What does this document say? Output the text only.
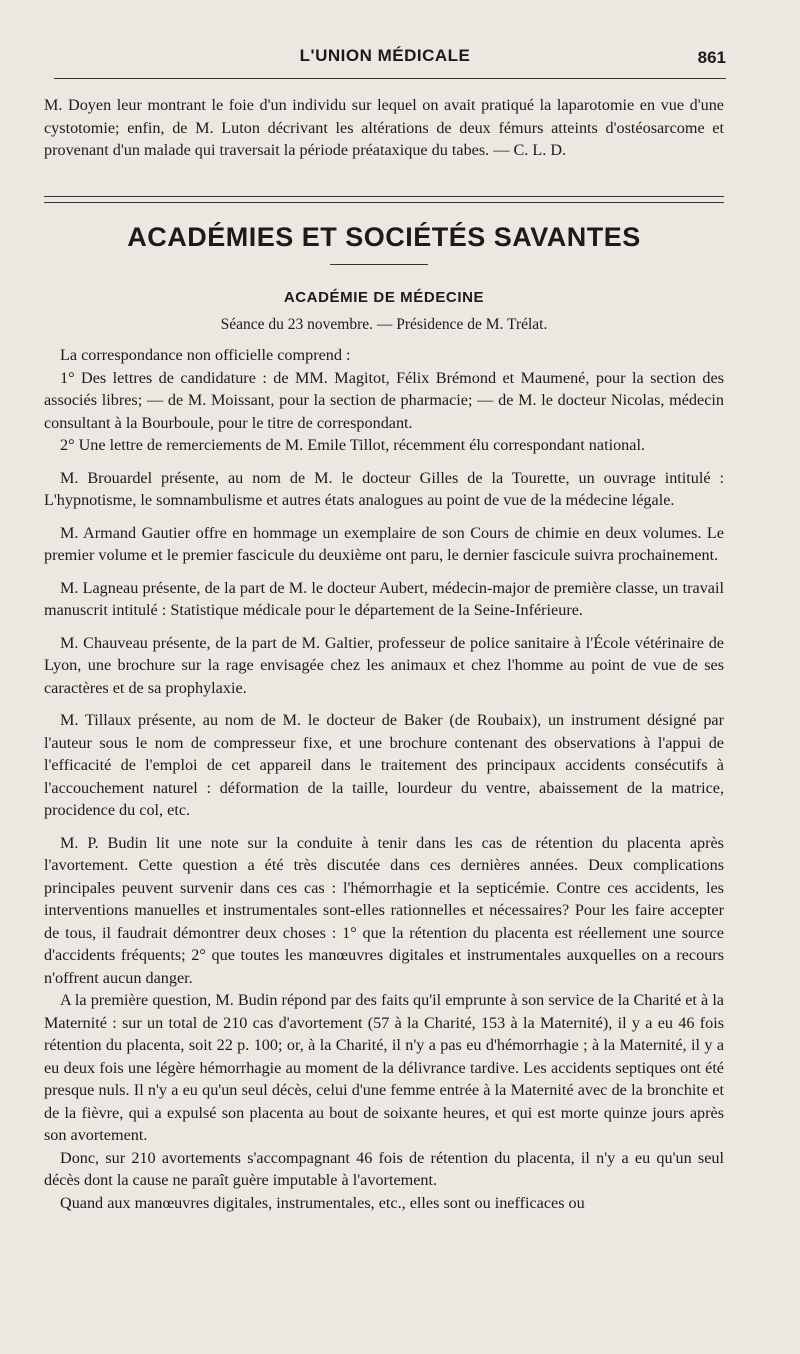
L'UNION MÉDICALE	861

M. Doyen leur montrant le foie d'un individu sur lequel on avait pratiqué la laparotomie en vue d'une cystotomie; enfin, de M. Luton décrivant les altérations de deux fémurs atteints d'ostéosarcome et provenant d'un malade qui traversait la période préataxique du tabes. — C. L. D.

ACADÉMIES ET SOCIÉTÉS SAVANTES
ACADÉMIE DE MÉDECINE
Séance du 23 novembre. — Présidence de M. Trélat.

La correspondance non officielle comprend :

1° Des lettres de candidature : de MM. Magitot, Félix Brémond et Maumené, pour la section des associés libres; — de M. Moissant, pour la section de pharmacie; — de M. le docteur Nicolas, médecin consultant à la Bourboule, pour le titre de correspondant.

2° Une lettre de remerciements de M. Emile Tillot, récemment élu correspondant national.

M. Brouardel présente, au nom de M. le docteur Gilles de la Tourette, un ouvrage intitulé : L'hypnotisme, le somnambulisme et autres états analogues au point de vue de la médecine légale.

M. Armand Gautier offre en hommage un exemplaire de son Cours de chimie en deux volumes. Le premier volume et le premier fascicule du deuxième ont paru, le dernier fascicule suivra prochainement.

M. Lagneau présente, de la part de M. le docteur Aubert, médecin-major de première classe, un travail manuscrit intitulé : Statistique médicale pour le département de la Seine-Inférieure.

M. Chauveau présente, de la part de M. Galtier, professeur de police sanitaire à l'École vétérinaire de Lyon, une brochure sur la rage envisagée chez les animaux et chez l'homme au point de vue de ses caractères et de sa prophylaxie.

M. Tillaux présente, au nom de M. le docteur de Baker (de Roubaix), un instrument désigné par l'auteur sous le nom de compresseur fixe, et une brochure contenant des observations à l'appui de l'efficacité de l'emploi de cet appareil dans le traitement des principaux accidents consécutifs à l'accouchement naturel : déformation de la taille, lourdeur du ventre, abaissement de la matrice, procidence du col, etc.

M. P. Budin lit une note sur la conduite à tenir dans les cas de rétention du placenta après l'avortement. Cette question a été très discutée dans ces dernières années. Deux complications principales peuvent survenir dans ces cas : l'hémorrhagie et la septicémie. Contre ces accidents, les interventions manuelles et instrumentales sont-elles rationnelles et nécessaires? Pour les faire accepter de tous, il faudrait démontrer deux choses : 1° que la rétention du placenta est réellement une source d'accidents fréquents; 2° que toutes les manœuvres digitales et instrumentales auxquelles on a recours n'offrent aucun danger.

A la première question, M. Budin répond par des faits qu'il emprunte à son service de la Charité et à la Maternité : sur un total de 210 cas d'avortement (57 à la Charité, 153 à la Maternité), il y a eu 46 fois rétention du placenta, soit 22 p. 100; or, à la Charité, il n'y a pas eu d'hémorrhagie ; à la Maternité, il y a eu deux fois une légère hémorrhagie au moment de la délivrance tardive. Les accidents septiques ont été presque nuls. Il n'y a eu qu'un seul décès, celui d'une femme entrée à la Maternité avec de la bronchite et de la fièvre, qui a expulsé son placenta au bout de soixante heures, et qui est morte quinze jours après son avortement.

Donc, sur 210 avortements s'accompagnant 46 fois de rétention du placenta, il n'y a eu qu'un seul décès dont la cause ne paraît guère imputable à l'avortement.

Quand aux manœuvres digitales, instrumentales, etc., elles sont ou inefficaces ou
